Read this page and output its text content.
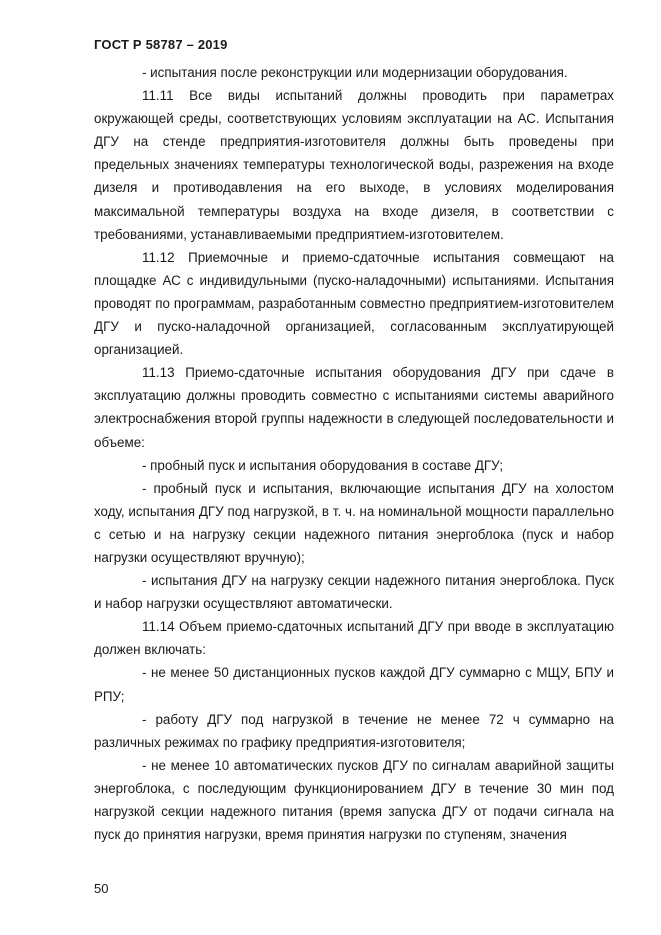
ГОСТ Р 58787 – 2019

- испытания после реконструкции или модернизации оборудования.

11.11 Все виды испытаний должны проводить при параметрах окружающей среды, соответствующих условиям эксплуатации на АС. Испытания ДГУ на стенде предприятия-изготовителя должны быть проведены при предельных значениях температуры технологической воды, разрежения на входе дизеля и противодавления на его выходе, в условиях моделирования максимальной температуры воздуха на входе дизеля, в соответствии с требованиями, устанавливаемыми предприятием-изготовителем.

11.12 Приемочные и приемо-сдаточные испытания совмещают на площадке АС с индивидульными (пуско-наладочными) испытаниями. Испытания проводят по программам, разработанным совместно предприятием-изготовителем ДГУ и пуско-наладочной организацией, согласованным эксплуатирующей организацией.

11.13 Приемо-сдаточные испытания оборудования ДГУ при сдаче в эксплуатацию должны проводить совместно с испытаниями системы аварийного электроснабжения второй группы надежности в следующей последовательности и объеме:

- пробный пуск и испытания оборудования в составе ДГУ;

- пробный пуск и испытания, включающие испытания ДГУ на холостом ходу, испытания ДГУ под нагрузкой, в т. ч. на номинальной мощности параллельно с сетью и на нагрузку секции надежного питания энергоблока (пуск и набор нагрузки осуществляют вручную);

- испытания ДГУ на нагрузку секции надежного питания энергоблока. Пуск и набор нагрузки осуществляют автоматически.

11.14 Объем приемо-сдаточных испытаний ДГУ при вводе в эксплуатацию должен включать:

- не менее 50 дистанционных пусков каждой ДГУ суммарно с МЩУ, БПУ и РПУ;

- работу ДГУ под нагрузкой в течение не менее 72 ч суммарно на различных режимах по графику предприятия-изготовителя;

- не менее 10 автоматических пусков ДГУ по сигналам аварийной защиты энергоблока, с последующим функционированием ДГУ в течение 30 мин под нагрузкой секции надежного питания (время запуска ДГУ от подачи сигнала на пуск до принятия нагрузки, время принятия нагрузки по ступеням, значения

50
